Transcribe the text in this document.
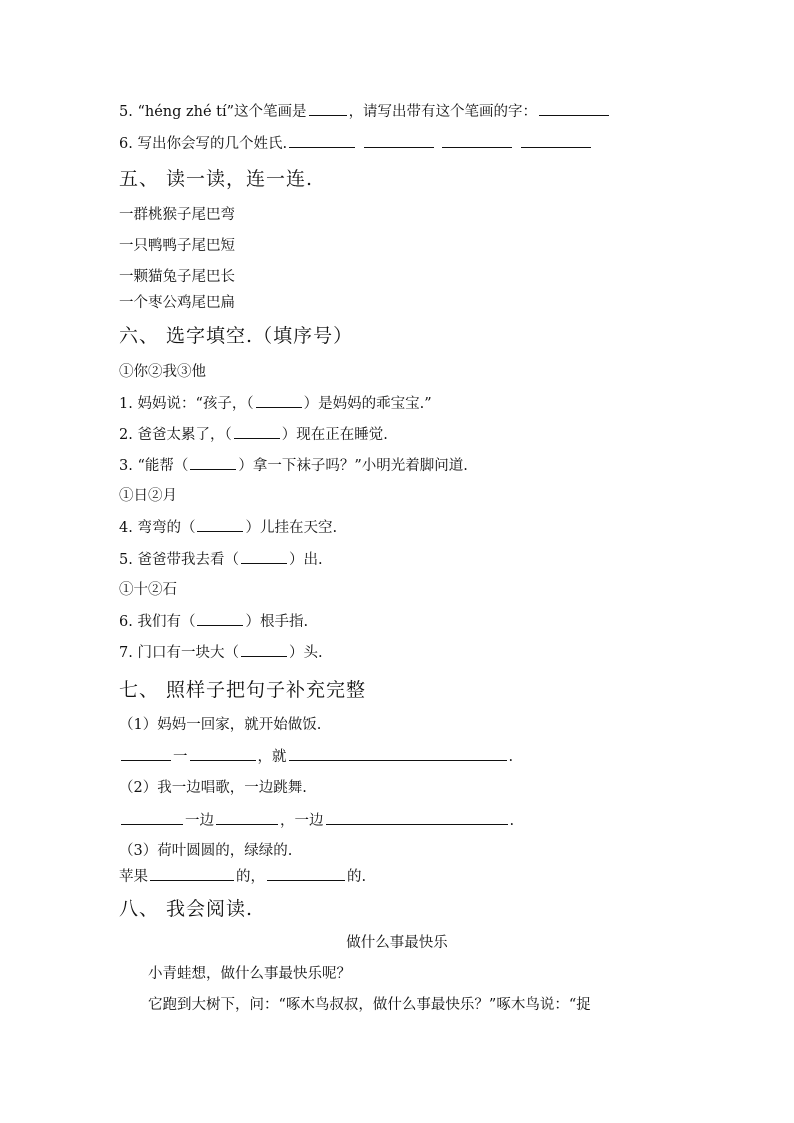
5. “héng zhé tí”这个笔画是	，请写出带有这个笔画的字：
6. 写出你会写的几个姓氏.
五、 读一读，连一连.
一群桃猴子尾巴弯
一只鸭鸭子尾巴短
一颗猫兔子尾巴长
一个枣公鸡尾巴扁
六、 选字填空.（填序号）
①你②我③他
1. 妈妈说：“孩子，（	）是妈妈的乖宝宝.”
2. 爸爸太累了，（	）现在正在睡觉.
3. “能帮（	）拿一下袜子吗？”小明光着脚问道.
①日②月
4. 弯弯的（	）儿挂在天空.
5. 爸爸带我去看（	）出.
①十②石
6. 我们有（	）根手指.
7. 门口有一块大（	）头.
七、 照样子把句子补充完整
（1）妈妈一回家，就开始做饭.
一	，就	.
（2）我一边唱歌，一边跳舞.
一边	，一边	.
（3）荷叶圆圆的，绿绿的.
苹果	的，	的.
八、 我会阅读.
做什么事最快乐
小青蛙想，做什么事最快乐呢？
它跑到大树下，问：“啄木鸟叔叔，做什么事最快乐？”啄木鸟说：“捉
